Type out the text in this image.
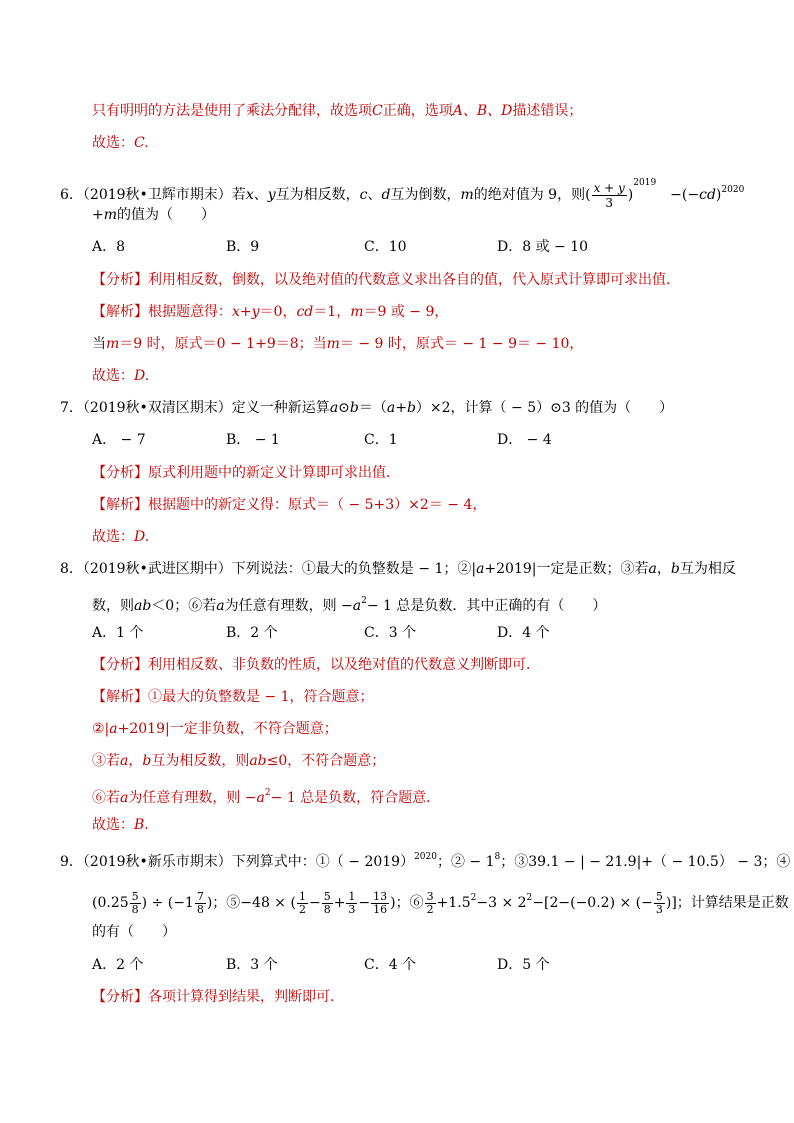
只有明明的方法是使用了乘法分配律，故选项C正确，选项A、B、D描述错误；
故选：C.
6．（2019秋•卫辉市期末）若x、y互为相反数，c、d互为倒数，m的绝对值为 9，则( $\frac{x + y}{3} )^{2019}-(-cd)^{2020}$
+m的值为（　　）
A．8	B．9	C．10	D．8 或 − 10
【分析】利用相反数，倒数，以及绝对值的代数意义求出各自的值，代入原式计算即可求出值．
【解析】根据题意得：x+y＝0，cd＝1，m＝9 或 − 9，
当m＝9 时，原式＝0 − 1+9＝8；当m＝ − 9 时，原式＝ − 1 − 9＝ − 10，
故选：D.
7．（2019秋•双清区期末）定义一种新运算a⊙b＝（a+b）×2，计算（ − 5）⊙3 的值为（　　）
A． − 7	B． − 1	C．1	D． − 4
【分析】原式利用题中的新定义计算即可求出值．
【解析】根据题中的新定义得：原式＝（ − 5+3）×2＝ − 4，
故选：D.
8．（2019秋•武进区期中）下列说法：①最大的负整数是 − 1；②|a+2019|一定是正数；③若a，b互为相反
数，则ab＜0；⑥若a为任意有理数，则 $-a^2- 1$ 总是负数．其中正确的有（　　）
A．1 个	B．2 个	C．3 个	D．4 个
【分析】利用相反数、非负数的性质，以及绝对值的代数意义判断即可．
【解析】①最大的负整数是 − 1，符合题意；
②|a+2019|一定非负数，不符合题意；
③若a，b互为相反数，则ab≤0，不符合题意；
⑥若a为任意有理数，则 $-a^2- 1$ 总是负数，符合题意．
故选：B.
9．（2019秋•新乐市期末）下列算式中：①（ − 2019）$^{2020}$；② − $1^8$；③39.1 − | − 21.9|+（ − 10.5） − 3；④
($0.25 \frac{5}{8}$ ) ÷ ($-1 \frac{7}{8}$ )；⑤−48 × ( $\frac{1}{2} - \frac{5}{8} + \frac{1}{3} - \frac{13}{16}$ )；⑥ $\frac{3}{2} +1.5^2-3 \times 2^2-[2-(-0.2)$ × (− $\frac{5}{3}$ )]；计算结果是正数
的有（　　）
A．2 个	B．3 个	C．4 个	D．5 个
【分析】各项计算得到结果，判断即可．
